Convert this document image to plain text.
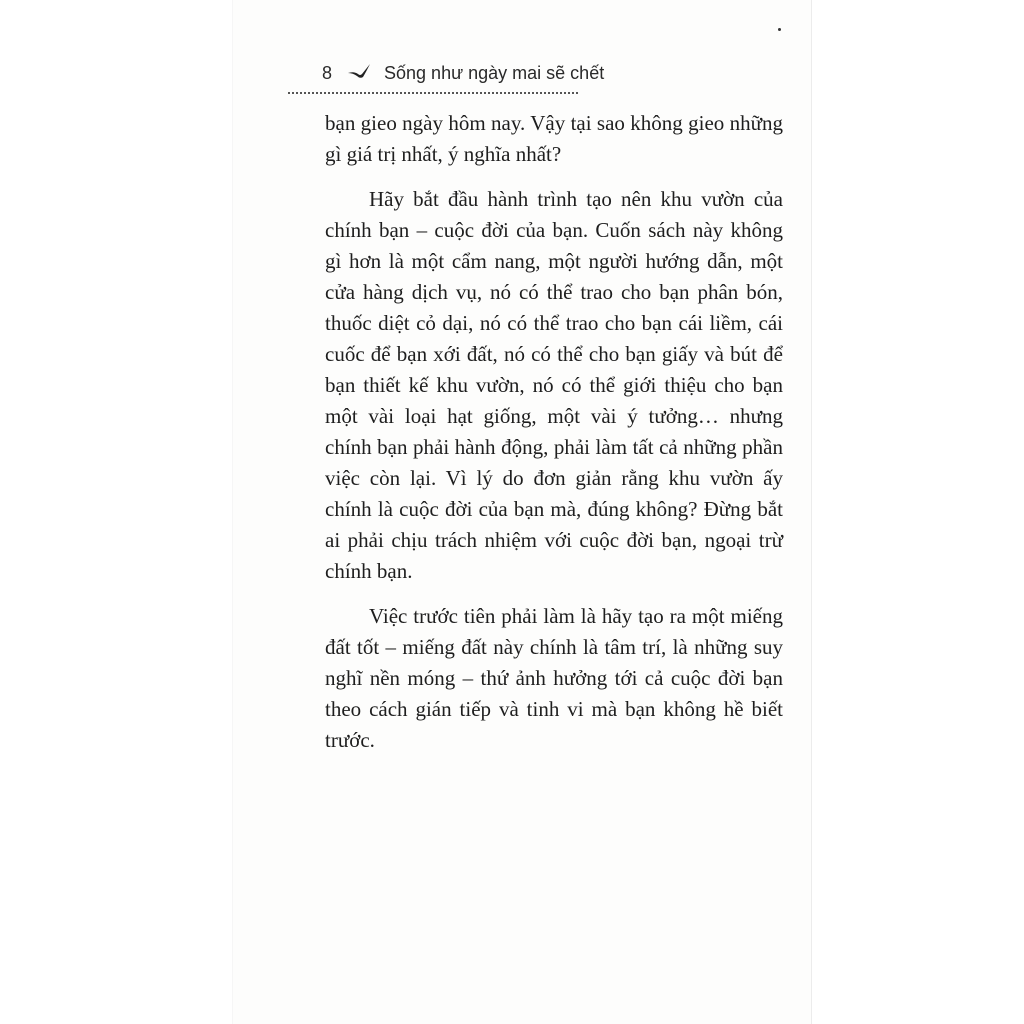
8	Sống như ngày mai sẽ chết

bạn gieo ngày hôm nay. Vậy tại sao không gieo những gì giá trị nhất, ý nghĩa nhất?

Hãy bắt đầu hành trình tạo nên khu vườn của chính bạn – cuộc đời của bạn. Cuốn sách này không gì hơn là một cẩm nang, một người hướng dẫn, một cửa hàng dịch vụ, nó có thể trao cho bạn phân bón, thuốc diệt cỏ dại, nó có thể trao cho bạn cái liềm, cái cuốc để bạn xới đất, nó có thể cho bạn giấy và bút để bạn thiết kế khu vườn, nó có thể giới thiệu cho bạn một vài loại hạt giống, một vài ý tưởng… nhưng chính bạn phải hành động, phải làm tất cả những phần việc còn lại. Vì lý do đơn giản rằng khu vườn ấy chính là cuộc đời của bạn mà, đúng không? Đừng bắt ai phải chịu trách nhiệm với cuộc đời bạn, ngoại trừ chính bạn.

Việc trước tiên phải làm là hãy tạo ra một miếng đất tốt – miếng đất này chính là tâm trí, là những suy nghĩ nền móng – thứ ảnh hưởng tới cả cuộc đời bạn theo cách gián tiếp và tinh vi mà bạn không hề biết trước.
